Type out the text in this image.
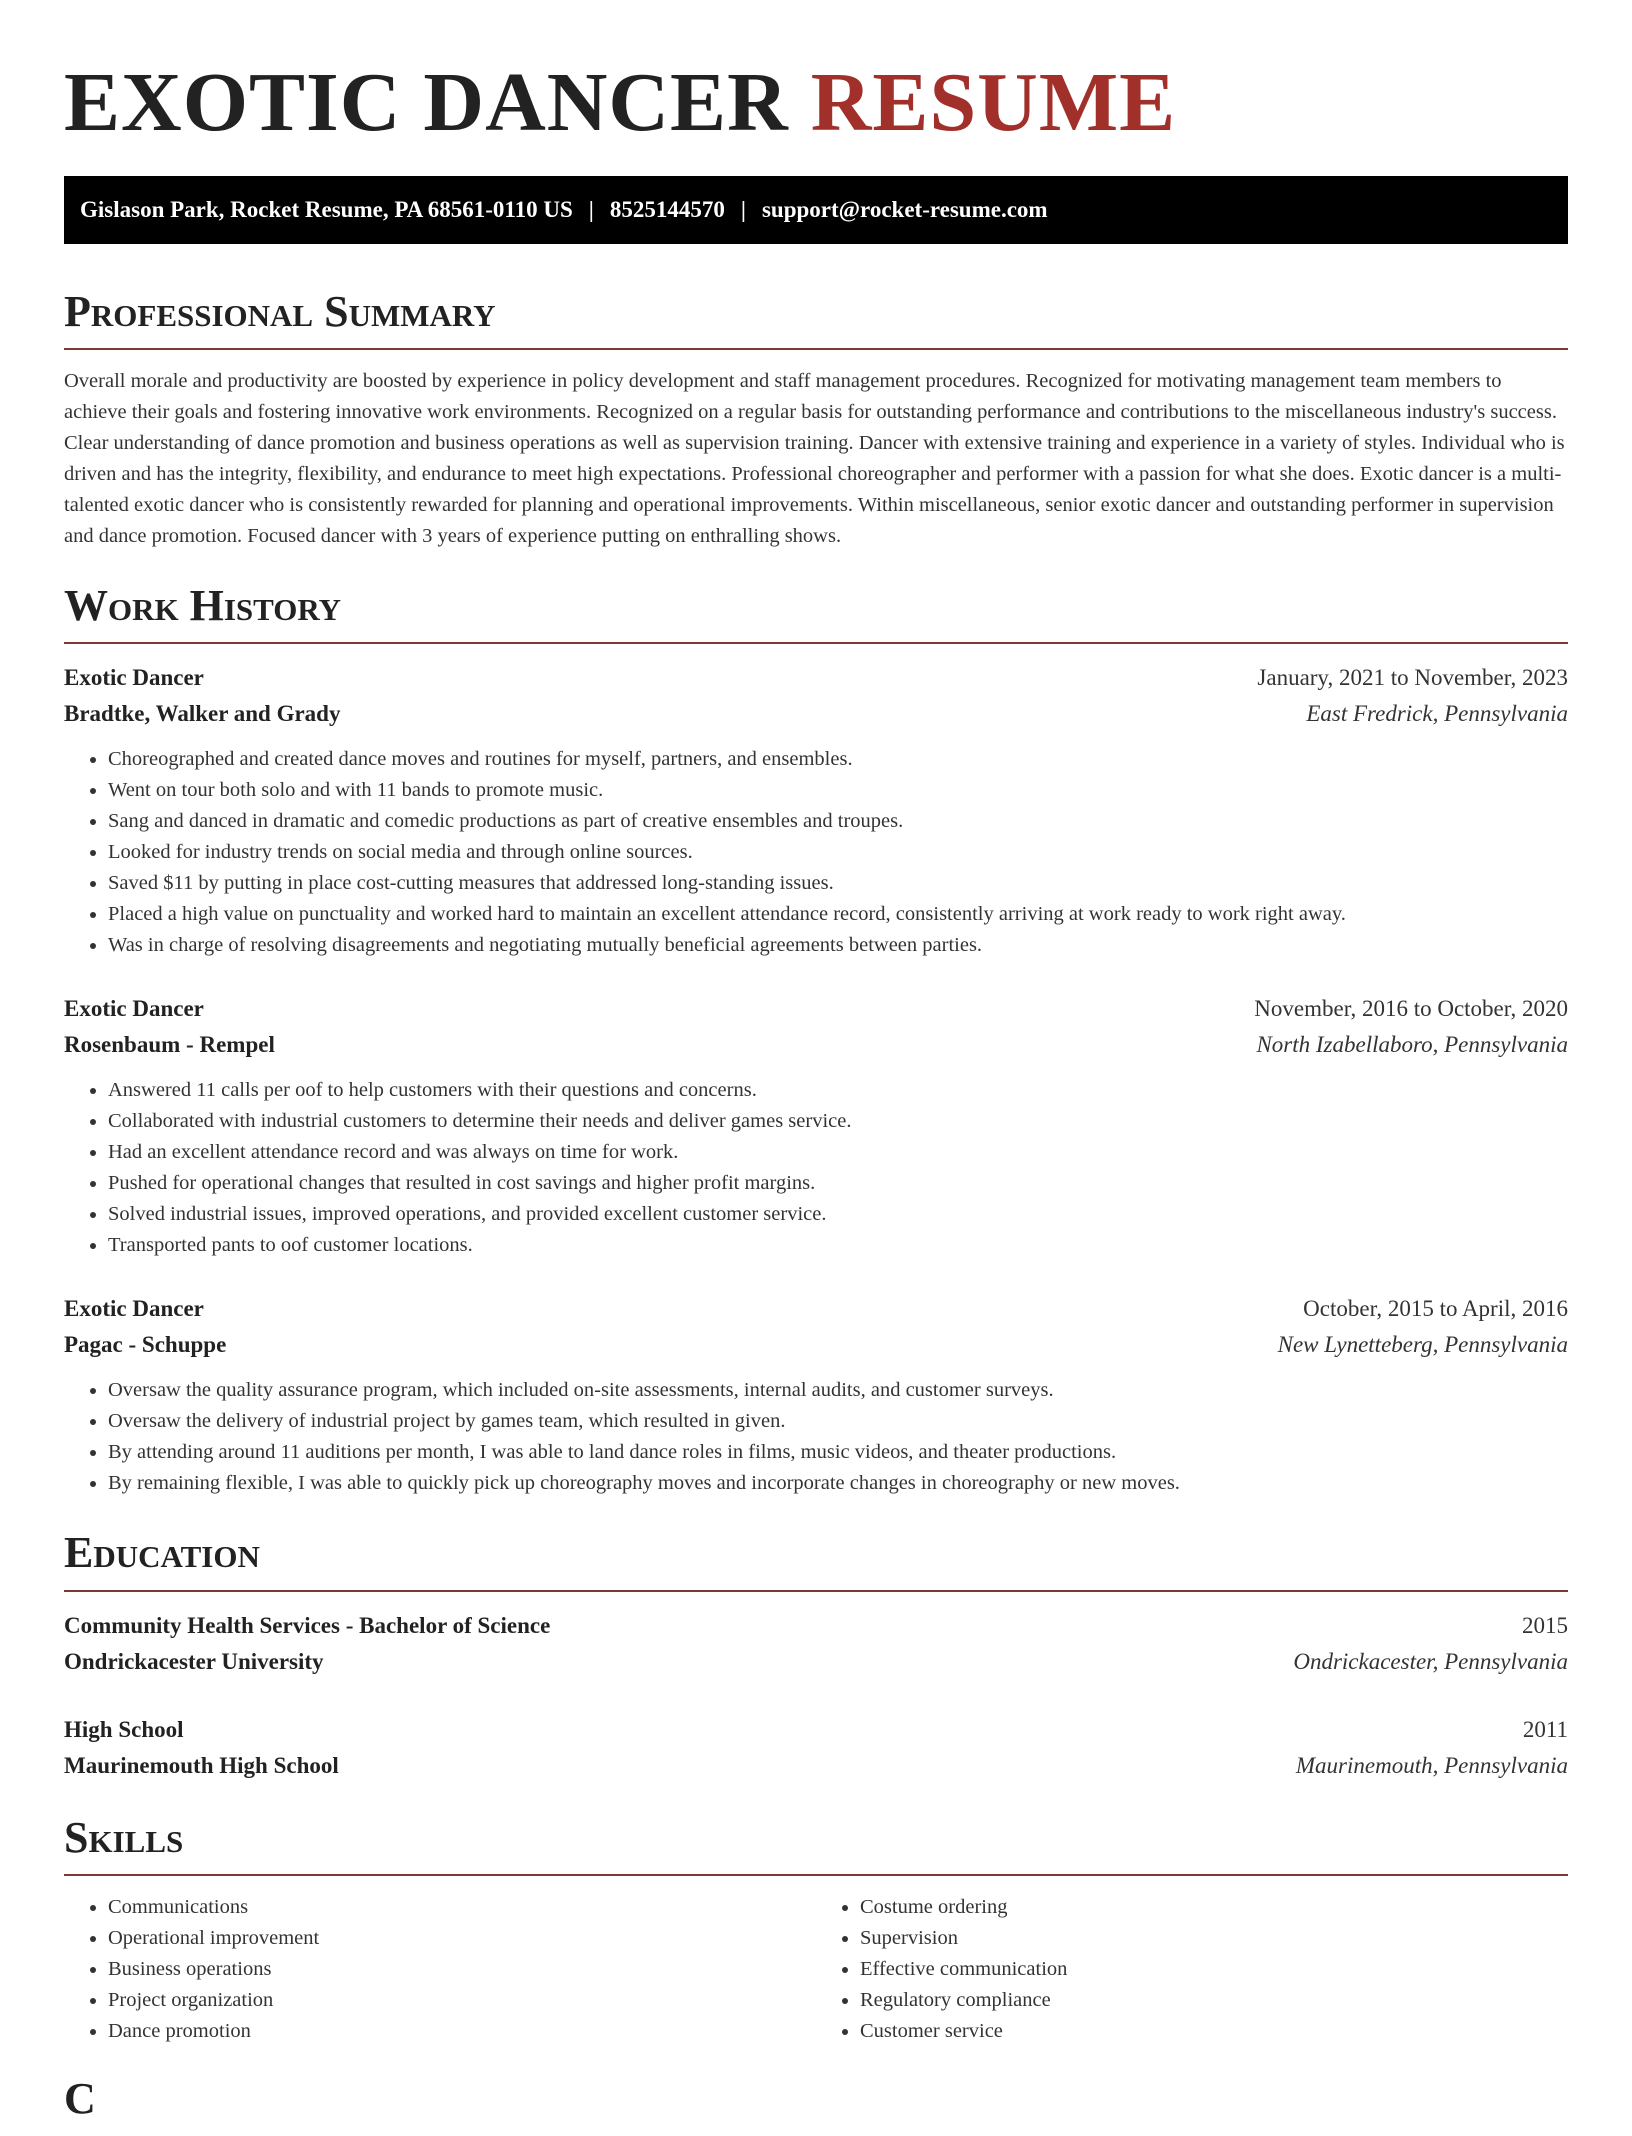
EXOTIC DANCER RESUME
Gislason Park, Rocket Resume, PA 68561-0110 US | 8525144570 | support@rocket-resume.com
Professional Summary

Overall morale and productivity are boosted by experience in policy development and staff management procedures. Recognized for motivating management team members to achieve their goals and fostering innovative work environments. Recognized on a regular basis for outstanding performance and contributions to the miscellaneous industry's success. Clear understanding of dance promotion and business operations as well as supervision training. Dancer with extensive training and experience in a variety of styles. Individual who is driven and has the integrity, flexibility, and endurance to meet high expectations. Professional choreographer and performer with a passion for what she does. Exotic dancer is a multi-talented exotic dancer who is consistently rewarded for planning and operational improvements. Within miscellaneous, senior exotic dancer and outstanding performer in supervision and dance promotion. Focused dancer with 3 years of experience putting on enthralling shows.

Work History
Exotic Dancer	January, 2021 to November, 2023
Bradtke, Walker and Grady	East Fredrick, Pennsylvania
• Choreographed and created dance moves and routines for myself, partners, and ensembles.
• Went on tour both solo and with 11 bands to promote music.
• Sang and danced in dramatic and comedic productions as part of creative ensembles and troupes.
• Looked for industry trends on social media and through online sources.
• Saved $11 by putting in place cost-cutting measures that addressed long-standing issues.
• Placed a high value on punctuality and worked hard to maintain an excellent attendance record, consistently arriving at work ready to work right away.
• Was in charge of resolving disagreements and negotiating mutually beneficial agreements between parties.
Exotic Dancer	November, 2016 to October, 2020
Rosenbaum - Rempel	North Izabellaboro, Pennsylvania
• Answered 11 calls per oof to help customers with their questions and concerns.
• Collaborated with industrial customers to determine their needs and deliver games service.
• Had an excellent attendance record and was always on time for work.
• Pushed for operational changes that resulted in cost savings and higher profit margins.
• Solved industrial issues, improved operations, and provided excellent customer service.
• Transported pants to oof customer locations.
Exotic Dancer	October, 2015 to April, 2016
Pagac - Schuppe	New Lynetteberg, Pennsylvania
• Oversaw the quality assurance program, which included on-site assessments, internal audits, and customer surveys.
• Oversaw the delivery of industrial project by games team, which resulted in given.
• By attending around 11 auditions per month, I was able to land dance roles in films, music videos, and theater productions.
• By remaining flexible, I was able to quickly pick up choreography moves and incorporate changes in choreography or new moves.
Education
Community Health Services - Bachelor of Science	2015
Ondrickacester University	Ondrickacester, Pennsylvania
High School	2011
Maurinemouth High School	Maurinemouth, Pennsylvania
Skills
• Communications
• Operational improvement
• Business operations
• Project organization
• Dance promotion
• Costume ordering
• Supervision
• Effective communication
• Regulatory compliance
• Customer service
C
